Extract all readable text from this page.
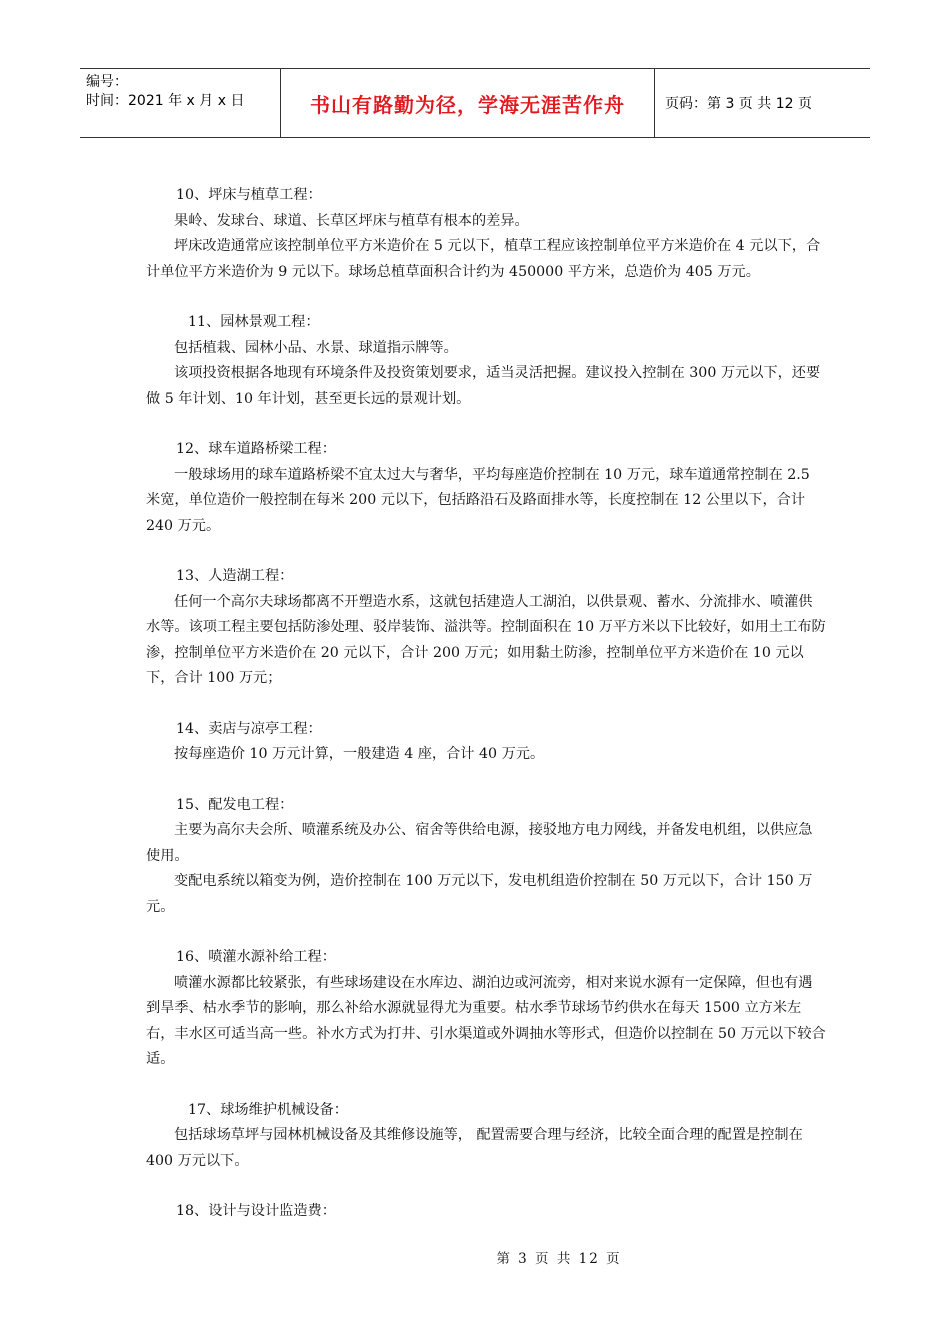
编号：
时间：2021 年 x 月 x 日	书山有路勤为径，学海无涯苦作舟	页码：第 3 页 共 12 页

10、坪床与植草工程：

果岭、发球台、球道、长草区坪床与植草有根本的差异。

坪床改造通常应该控制单位平方米造价在 5 元以下，植草工程应该控制单位平方米造价在 4 元以下，合计单位平方米造价为 9 元以下。球场总植草面积合计约为 450000 平方米，总造价为 405 万元。

11、园林景观工程：

包括植栽、园林小品、水景、球道指示牌等。

该项投资根据各地现有环境条件及投资策划要求，适当灵活把握。建议投入控制在 300 万元以下，还要做 5 年计划、10 年计划，甚至更长远的景观计划。

12、球车道路桥梁工程：

一般球场用的球车道路桥梁不宜太过大与奢华，平均每座造价控制在 10 万元，球车道通常控制在 2.5 米宽，单位造价一般控制在每米 200 元以下，包括路沿石及路面排水等，长度控制在 12 公里以下，合计 240 万元。

13、人造湖工程：

任何一个高尔夫球场都离不开塑造水系，这就包括建造人工湖泊，以供景观、蓄水、分流排水、喷灌供水等。该项工程主要包括防渗处理、驳岸装饰、溢洪等。控制面积在 10 万平方米以下比较好，如用土工布防渗，控制单位平方米造价在 20 元以下，合计 200 万元；如用黏土防渗，控制单位平方米造价在 10 元以下，合计 100 万元；

14、卖店与凉亭工程：

按每座造价 10 万元计算，一般建造 4 座，合计 40 万元。

15、配发电工程：

主要为高尔夫会所、喷灌系统及办公、宿舍等供给电源，接驳地方电力网线，并备发电机组，以供应急使用。

变配电系统以箱变为例，造价控制在 100 万元以下，发电机组造价控制在 50 万元以下，合计 150 万元。

16、喷灌水源补给工程：

喷灌水源都比较紧张，有些球场建设在水库边、湖泊边或河流旁，相对来说水源有一定保障，但也有遇到旱季、枯水季节的影响，那么补给水源就显得尤为重要。枯水季节球场节约供水在每天 1500 立方米左右，丰水区可适当高一些。补水方式为打井、引水渠道或外调抽水等形式，但造价以控制在 50 万元以下较合适。

17、球场维护机械设备：

包括球场草坪与园林机械设备及其维修设施等， 配置需要合理与经济，比较全面合理的配置是控制在 400 万元以下。

18、设计与设计监造费：

第 3 页 共 12 页
